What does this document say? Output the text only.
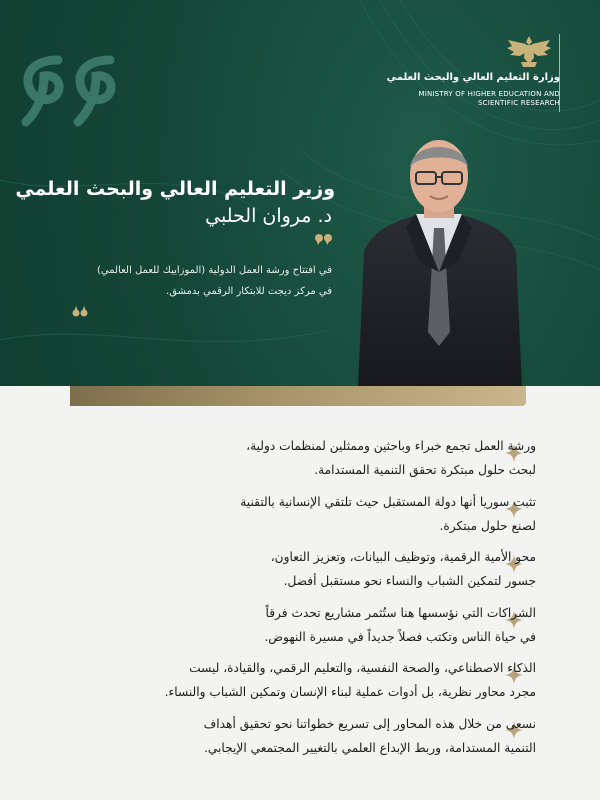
وزارة التعليم العالي والبحث العلمي
MINISTRY OF HIGHER EDUCATION AND
SCIENTIFIC RESEARCH
وزير التعليم العالي والبحث العلمي
د. مروان الحلبي
في افتتاح ورشة العمل الدولية (الموزاييك للعمل العالمي)
في مركز ديجت للابتكار الرقمي بدمشق.
ورشة العمل تجمع خبراء وباحثين وممثلين لمنظمات دولية،
لبحث حلول مبتكرة تحقق التنمية المستدامة.
تثبت سوريا أنها دولة المستقبل حيث تلتقي الإنسانية بالتقنية
لصنع حلول مبتكرة.
محو الأمية الرقمية، وتوظيف البيانات، وتعزيز التعاون،
جسور لتمكين الشباب والنساء نحو مستقبل أفضل.
الشراكات التي نؤسسها هنا ستُثمر مشاريع تحدث فرقاً
في حياة الناس وتكتب فصلاً جديداً في مسيرة النهوض.
الذكاء الاصطناعي، والصحة النفسية، والتعليم الرقمي، والقيادة، ليست
مجرد محاور نظرية، بل أدوات عملية لبناء الإنسان وتمكين الشباب والنساء.
نسعى من خلال هذه المحاور إلى تسريع خطواتنا نحو تحقيق أهداف
التنمية المستدامة، وربط الإبداع العلمي بالتغيير المجتمعي الإيجابي.
